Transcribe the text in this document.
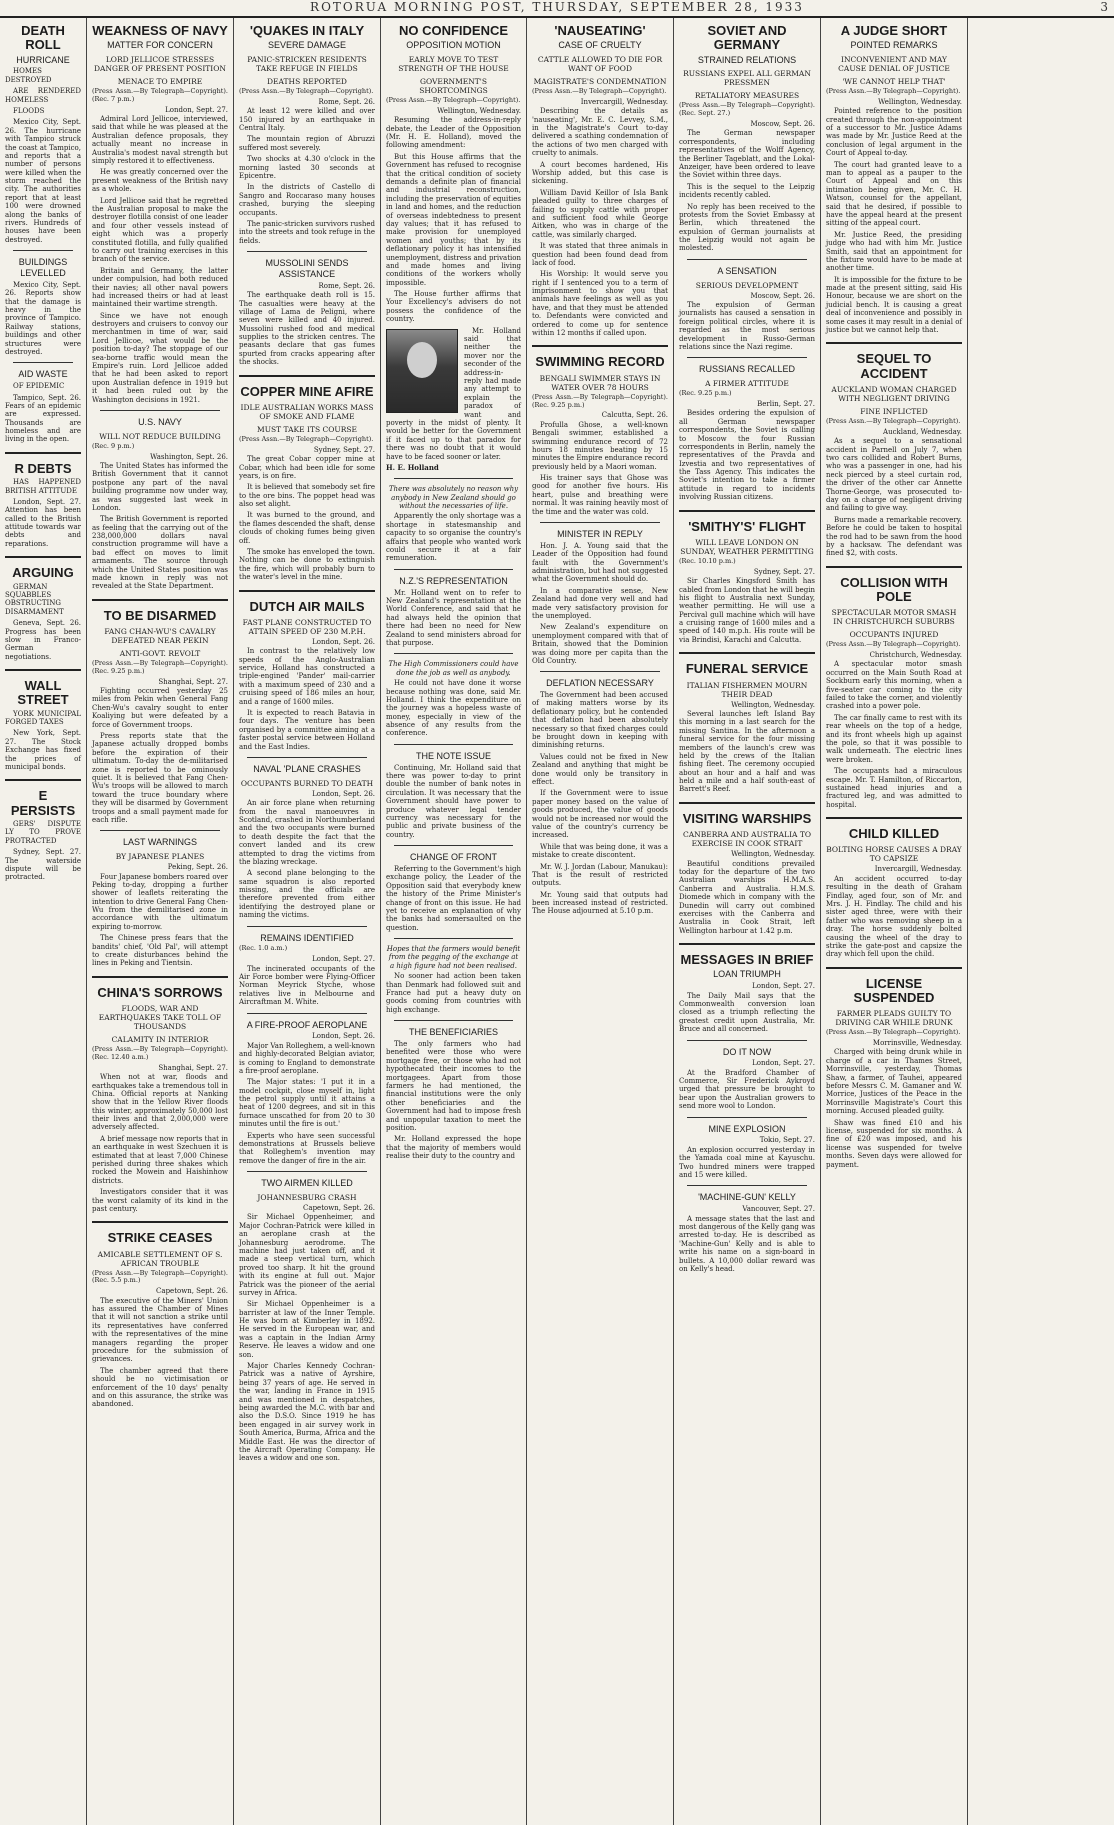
ROTORUA MORNING POST, THURSDAY, SEPTEMBER 28, 1933	3
DEATH ROLL
HURRICANE
HOMES DESTROYED
ARE RENDERED HOMELESS
FLOODS
Mexico City, Sept. 26. The hurricane with Tampico struck the coast at Tampico, and reports that a number of persons were killed when the storm reached the city. The authorities report that at least 100 were drowned along the banks of rivers. Hundreds of houses have been destroyed.
BUILDINGS LEVELLED
Mexico City, Sept. 26. Reports show that the damage is heavy in the province of Tampico. Railway stations, buildings and other structures were destroyed.
AID WASTE
OF EPIDEMIC
Tampico, Sept. 26. Fears of an epidemic are expressed. Thousands are homeless and are living in the open.
R DEBTS
HAS HAPPENED BRITISH ATTITUDE
London, Sept. 27. Attention has been called to the British attitude towards war debts and reparations.
ARGUING
GERMAN SQUABBLES OBSTRUCTING DISARMAMENT
Geneva, Sept. 26. Progress has been slow in Franco-German negotiations.
WALL STREET
YORK MUNICIPAL FORGED TAXES
New York, Sept. 27. The Stock Exchange has fixed the prices of municipal bonds.
E PERSISTS
GERS' DISPUTE LY TO PROVE PROTRACTED
Sydney, Sept. 27. The waterside dispute will be protracted.
WEAKNESS OF NAVY
MATTER FOR CONCERN
LORD JELLICOE STRESSES DANGER OF PRESENT POSITION
MENACE TO EMPIRE
(Press Assn.—By Telegraph—Copyright). (Rec. 7 p.m.)
London, Sept. 27.
Admiral Lord Jellicoe, interviewed, said that while he was pleased at the Australian defence proposals, they actually meant no increase in Australia's modest naval strength but simply restored it to effectiveness.
He was greatly concerned over the present weakness of the British navy as a whole.
Lord Jellicoe said that he regretted the Australian proposal to make the destroyer flotilla consist of one leader and four other vessels instead of eight which was a properly constituted flotilla, and fully qualified to carry out training exercises in this branch of the service.
Britain and Germany, the latter under compulsion, had both reduced their navies; all other naval powers had increased theirs or had at least maintained their wartime strength.
Since we have not enough destroyers and cruisers to convoy our merchantmen in time of war, said Lord Jellicoe, what would be the position to-day? The stoppage of our sea-borne traffic would mean the Empire's ruin. Lord Jellicoe added that he had been asked to report upon Australian defence in 1919 but it had been ruled out by the Washington decisions in 1921.
U.S. NAVY
WILL NOT REDUCE BUILDING
(Rec. 9 p.m.)
Washington, Sept. 26.
The United States has informed the British Government that it cannot postpone any part of the naval building programme now under way, as was suggested last week in London.
The British Government is reported as feeling that the carrying out of the 238,000,000 dollars naval construction programme will have a bad effect on moves to limit armaments. The source through which the United States position was made known in reply was not revealed at the State Department.
TO BE DISARMED
FANG CHAN-WU'S CAVALRY DEFEATED NEAR PEKIN
ANTI-GOVT. REVOLT
(Press Assn.—By Telegraph—Copyright). (Rec. 9.25 p.m.)
Shanghai, Sept. 27.
Fighting occurred yesterday 25 miles from Pekin when General Fang Chen-Wu's cavalry sought to enter Koaliying but were defeated by a force of Government troops.
Press reports state that the Japanese actually dropped bombs before the expiration of their ultimatum. To-day the de-militarised zone is reported to be ominously quiet. It is believed that Fang Chen-Wu's troops will be allowed to march toward the truce boundary where they will be disarmed by Government troops and a small payment made for each rifle.
LAST WARNINGS
BY JAPANESE PLANES
Peking, Sept. 26.
Four Japanese bombers roared over Peking to-day, dropping a further shower of leaflets reiterating the intention to drive General Fang Chen-Wu from the demilitarised zone in accordance with the ultimatum expiring to-morrow.
The Chinese press fears that the bandits' chief, 'Old Pal', will attempt to create disturbances behind the lines in Peking and Tientsin.
CHINA'S SORROWS
FLOODS, WAR AND EARTHQUAKES TAKE TOLL OF THOUSANDS
CALAMITY IN INTERIOR
(Press Assn.—By Telegraph—Copyright). (Rec. 12.40 a.m.)
Shanghai, Sept. 27.
When not at war, floods and earthquakes take a tremendous toll in China. Official reports at Nanking show that in the Yellow River floods this winter, approximately 50,000 lost their lives and that 2,000,000 were adversely affected.
A brief message now reports that in an earthquake in west Szechuen it is estimated that at least 7,000 Chinese perished during three shakes which rocked the Mowein and Haishinhow districts.
Investigators consider that it was the worst calamity of its kind in the past century.
STRIKE CEASES
AMICABLE SETTLEMENT OF S. AFRICAN TROUBLE
(Press Assn.—By Telegraph—Copyright). (Rec. 5.5 p.m.)
Capetown, Sept. 26.
The executive of the Miners' Union has assured the Chamber of Mines that it will not sanction a strike until its representatives have conferred with the representatives of the mine managers regarding the proper procedure for the submission of grievances.
The chamber agreed that there should be no victimisation or enforcement of the 10 days' penalty and on this assurance, the strike was abandoned.
'QUAKES IN ITALY
SEVERE DAMAGE
PANIC-STRICKEN RESIDENTS TAKE REFUGE IN FIELDS
DEATHS REPORTED
(Press Assn.—By Telegraph—Copyright).
Rome, Sept. 26.
At least 12 were killed and over 150 injured by an earthquake in Central Italy.
The mountain region of Abruzzi suffered most severely.
Two shocks at 4.30 o'clock in the morning lasted 30 seconds at Epicentre.
In the districts of Castello di Sangro and Roccaraso many houses crashed, burying the sleeping occupants.
The panic-stricken survivors rushed into the streets and took refuge in the fields.
MUSSOLINI SENDS ASSISTANCE
Rome, Sept. 26.
The earthquake death roll is 15. The casualties were heavy at the village of Lama de Peligni, where seven were killed and 40 injured. Mussolini rushed food and medical supplies to the stricken centres. The peasants declare that gas fumes spurted from cracks appearing after the shocks.
COPPER MINE AFIRE
IDLE AUSTRALIAN WORKS MASS OF SMOKE AND FLAME
MUST TAKE ITS COURSE
(Press Assn.—By Telegraph—Copyright).
Sydney, Sept. 27.
The great Cobar copper mine at Cobar, which had been idle for some years, is on fire.
It is believed that somebody set fire to the ore bins. The poppet head was also set alight.
It was burned to the ground, and the flames descended the shaft, dense clouds of choking fumes being given off.
The smoke has enveloped the town. Nothing can be done to extinguish the fire, which will probably burn to the water's level in the mine.
DUTCH AIR MAILS
FAST PLANE CONSTRUCTED TO ATTAIN SPEED OF 230 M.P.H.
London, Sept. 26.
In contrast to the relatively low speeds of the Anglo-Australian service, Holland has constructed a triple-engined 'Pander' mail-carrier with a maximum speed of 230 and a cruising speed of 186 miles an hour, and a range of 1600 miles.
It is expected to reach Batavia in four days. The venture has been organised by a committee aiming at a faster postal service between Holland and the East Indies.
NAVAL 'PLANE CRASHES
OCCUPANTS BURNED TO DEATH
London, Sept. 26.
An air force plane when returning from the naval manoeuvres in Scotland, crashed in Northumberland and the two occupants were burned to death despite the fact that the convert landed and its crew attempted to drag the victims from the blazing wreckage.
A second plane belonging to the same squadron is also reported missing, and the officials are therefore prevented from either identifying the destroyed plane or naming the victims.
REMAINS IDENTIFIED
(Rec. 1.0 a.m.)
London, Sept. 27.
The incinerated occupants of the Air Force bomber were Flying-Officer Norman Meyrick Styche, whose relatives live in Melbourne and Aircraftman M. White.
A FIRE-PROOF AEROPLANE
London, Sept. 26.
Major Van Rolleghem, a well-known and highly-decorated Belgian aviator, is coming to England to demonstrate a fire-proof aeroplane.
The Major states: 'I put it in a model cockpit, close myself in, light the petrol supply until it attains a heat of 1200 degrees, and sit in this furnace unscathed for from 20 to 30 minutes until the fire is out.'
Experts who have seen successful demonstrations at Brussels believe that Rolleghem's invention may remove the danger of fire in the air.
TWO AIRMEN KILLED
JOHANNESBURG CRASH
Capetown, Sept. 26.
Sir Michael Oppenheimer, and Major Cochran-Patrick were killed in an aeroplane crash at the Johannesburg aerodrome. The machine had just taken off, and it made a steep vertical turn, which proved too sharp. It hit the ground with its engine at full out. Major Patrick was the pioneer of the aerial survey in Africa.
Sir Michael Oppenheimer is a barrister at law of the Inner Temple. He was born at Kimberley in 1892. He served in the European war, and was a captain in the Indian Army Reserve. He leaves a widow and one son.
Major Charles Kennedy Cochran-Patrick was a native of Ayrshire, being 37 years of age. He served in the war, landing in France in 1915 and was mentioned in despatches, being awarded the M.C. with bar and also the D.S.O. Since 1919 he has been engaged in air survey work in South America, Burma, Africa and the Middle East. He was the director of the Aircraft Operating Company. He leaves a widow and one son.
NO CONFIDENCE
OPPOSITION MOTION
EARLY MOVE TO TEST STRENGTH OF THE HOUSE
GOVERNMENT'S SHORTCOMINGS
(Press Assn.—By Telegraph—Copyright).
Wellington, Wednesday.
Resuming the address-in-reply debate, the Leader of the Opposition (Mr. H. E. Holland), moved the following amendment:
But this House affirms that the Government has refused to recognise that the critical condition of society demands a definite plan of financial and industrial reconstruction, including the preservation of equities in land and homes, and the reduction of overseas indebtedness to present day values; that it has refused to make provision for unemployed women and youths; that by its deflationary policy it has intensified unemployment, distress and privation and made homes and living conditions of the workers wholly impossible.
The House further affirms that Your Excellency's advisers do not possess the confidence of the country.
Mr. Holland said that neither the mover nor the seconder of the address-in-reply had made any attempt to explain the paradox of want and poverty in the midst of plenty. It would be better for the Government if it faced up to that paradox for there was no doubt that it would have to be faced sooner or later.
H. E. Holland
There was absolutely no reason why anybody in New Zealand should go without the necessaries of life.
Apparently the only shortage was a shortage in statesmanship and capacity to so organise the country's affairs that people who wanted work could secure it at a fair remuneration.
N.Z.'S REPRESENTATION
Mr. Holland went on to refer to New Zealand's representation at the World Conference, and said that he had always held the opinion that there had been no need for New Zealand to send ministers abroad for that purpose.
The High Commissioners could have done the job as well as anybody.
He could not have done it worse because nothing was done, said Mr. Holland. I think the expenditure on the journey was a hopeless waste of money, especially in view of the absence of any results from the conference.
THE NOTE ISSUE
Continuing, Mr. Holland said that there was power to-day to print double the number of bank notes in circulation. It was necessary that the Government should have power to produce whatever legal tender currency was necessary for the public and private business of the country.
CHANGE OF FRONT
Referring to the Government's high exchange policy, the Leader of the Opposition said that everybody knew the history of the Prime Minister's change of front on this issue. He had yet to receive an explanation of why the banks had somersaulted on the question.
Hopes that the farmers would benefit from the pegging of the exchange at a high figure had not been realised.
No sooner had action been taken than Denmark had followed suit and France had put a heavy duty on goods coming from countries with high exchange.
THE BENEFICIARIES
The only farmers who had benefited were those who were mortgage free, or those who had not hypothecated their incomes to the mortgagees. Apart from those farmers he had mentioned, the financial institutions were the only other beneficiaries and the Government had had to impose fresh and unpopular taxation to meet the position.
Mr. Holland expressed the hope that the majority of members would realise their duty to the country and
'NAUSEATING'
CASE OF CRUELTY
CATTLE ALLOWED TO DIE FOR WANT OF FOOD
MAGISTRATE'S CONDEMNATION
(Press Assn.—By Telegraph—Copyright).
Invercargill, Wednesday.
Describing the details as 'nauseating', Mr. E. C. Levvey, S.M., in the Magistrate's Court to-day delivered a scathing condemnation of the actions of two men charged with cruelty to animals.
A court becomes hardened, His Worship added, but this case is sickening.
William David Keillor of Isla Bank pleaded guilty to three charges of failing to supply cattle with proper and sufficient food while George Aitken, who was in charge of the cattle, was similarly charged.
It was stated that three animals in question had been found dead from lack of food.
His Worship: It would serve you right if I sentenced you to a term of imprisonment to show you that animals have feelings as well as you have, and that they must be attended to. Defendants were convicted and ordered to come up for sentence within 12 months if called upon.
SWIMMING RECORD
BENGALI SWIMMER STAYS IN WATER OVER 78 HOURS
(Press Assn.—By Telegraph—Copyright). (Rec. 9.25 p.m.)
Calcutta, Sept. 26.
Profulla Ghose, a well-known Bengali swimmer, established a swimming endurance record of 72 hours 18 minutes beating by 15 minutes the Empire endurance record previously held by a Maori woman.
His trainer says that Ghose was good for another five hours. His heart, pulse and breathing were normal. It was raining heavily most of the time and the water was cold.
MINISTER IN REPLY
Hon. J. A. Young said that the Leader of the Opposition had found fault with the Government's administration, but had not suggested what the Government should do.
In a comparative sense, New Zealand had done very well and had made very satisfactory provision for the unemployed.
New Zealand's expenditure on unemployment compared with that of Britain, showed that the Dominion was doing more per capita than the Old Country.
DEFLATION NECESSARY
The Government had been accused of making matters worse by its deflationary policy, but he contended that deflation had been absolutely necessary so that fixed charges could be brought down in keeping with diminishing returns.
Values could not be fixed in New Zealand and anything that might be done would only be transitory in effect.
If the Government were to issue paper money based on the value of goods produced, the value of goods would not be increased nor would the value of the country's currency be increased.
While that was being done, it was a mistake to create discontent.
Mr. W. J. Jordan (Labour, Manukau): That is the result of restricted outputs.
Mr. Young said that outputs had been increased instead of restricted. The House adjourned at 5.10 p.m.
SOVIET AND GERMANY
STRAINED RELATIONS
RUSSIANS EXPEL ALL GERMAN PRESSMEN
RETALIATORY MEASURES
(Press Assn.—By Telegraph—Copyright). (Rec. Sept. 27.)
Moscow, Sept. 26.
The German newspaper correspondents, including representatives of the Wolff Agency, the Berliner Tageblatt, and the Lokal-Anzeiger, have been ordered to leave the Soviet within three days.
This is the sequel to the Leipzig incidents recently cabled.
No reply has been received to the protests from the Soviet Embassy at Berlin, which threatened the expulsion of German journalists at the Leipzig would not again be molested.
A SENSATION
SERIOUS DEVELOPMENT
Moscow, Sept. 26.
The expulsion of German journalists has caused a sensation in foreign political circles, where it is regarded as the most serious development in Russo-German relations since the Nazi regime.
RUSSIANS RECALLED
A FIRMER ATTITUDE
(Rec. 9.25 p.m.)
Berlin, Sept. 27.
Besides ordering the expulsion of all German newspaper correspondents, the Soviet is calling to Moscow the four Russian correspondents in Berlin, namely the representatives of the Pravda and Izvestia and two representatives of the Tass Agency. This indicates the Soviet's intention to take a firmer attitude in regard to incidents involving Russian citizens.
'SMITHY'S' FLIGHT
WILL LEAVE LONDON ON SUNDAY, WEATHER PERMITTING
(Rec. 10.10 p.m.)
Sydney, Sept. 27.
Sir Charles Kingsford Smith has cabled from London that he will begin his flight to Australia next Sunday, weather permitting. He will use a Percival gull machine which will have a cruising range of 1600 miles and a speed of 140 m.p.h. His route will be via Brindisi, Karachi and Calcutta.
FUNERAL SERVICE
ITALIAN FISHERMEN MOURN THEIR DEAD
Wellington, Wednesday.
Several launches left Island Bay this morning in a last search for the missing Santina. In the afternoon a funeral service for the four missing members of the launch's crew was held by the crews of the Italian fishing fleet. The ceremony occupied about an hour and a half and was held a mile and a half south-east of Barrett's Reef.
VISITING WARSHIPS
CANBERRA AND AUSTRALIA TO EXERCISE IN COOK STRAIT
Wellington, Wednesday.
Beautiful conditions prevailed today for the departure of the two Australian warships H.M.A.S. Canberra and Australia. H.M.S. Diomede which in company with the Dunedin will carry out combined exercises with the Canberra and Australia in Cook Strait, left Wellington harbour at 1.42 p.m.
MESSAGES IN BRIEF
LOAN TRIUMPH
London, Sept. 27.
The Daily Mail says that the Commonwealth conversion loan closed as a triumph reflecting the greatest credit upon Australia, Mr. Bruce and all concerned.
DO IT NOW
London, Sept. 27.
At the Bradford Chamber of Commerce, Sir Frederick Aykroyd urged that pressure be brought to bear upon the Australian growers to send more wool to London.
MINE EXPLOSION
Tokio, Sept. 27.
An explosion occurred yesterday in the Yamada coal mine at Kayuschu. Two hundred miners were trapped and 15 were killed.
'MACHINE-GUN' KELLY
Vancouver, Sept. 27.
A message states that the last and most dangerous of the Kelly gang was arrested to-day. He is described as 'Machine-Gun' Kelly and is able to write his name on a sign-board in bullets. A 10,000 dollar reward was on Kelly's head.
A JUDGE SHORT
POINTED REMARKS
INCONVENIENT AND MAY CAUSE DENIAL OF JUSTICE
'WE CANNOT HELP THAT'
(Press Assn.—By Telegraph—Copyright).
Wellington, Wednesday.
Pointed reference to the position created through the non-appointment of a successor to Mr. Justice Adams was made by Mr. Justice Reed at the conclusion of legal argument in the Court of Appeal to-day.
The court had granted leave to a man to appeal as a pauper to the Court of Appeal and on this intimation being given, Mr. C. H. Watson, counsel for the appellant, said that he desired, if possible to have the appeal heard at the present sitting of the appeal court.
Mr. Justice Reed, the presiding judge who had with him Mr. Justice Smith, said that an appointment for the fixture would have to be made at another time.
It is impossible for the fixture to be made at the present sitting, said His Honour, because we are short on the judicial bench. It is causing a great deal of inconvenience and possibly in some cases it may result in a denial of justice but we cannot help that.
SEQUEL TO ACCIDENT
AUCKLAND WOMAN CHARGED WITH NEGLIGENT DRIVING
FINE INFLICTED
(Press Assn.—By Telegraph—Copyright).
Auckland, Wednesday.
As a sequel to a sensational accident in Parnell on July 7, when two cars collided and Robert Burns, who was a passenger in one, had his neck pierced by a steel curtain rod, the driver of the other car Annette Thorne-George, was prosecuted to-day on a charge of negligent driving and failing to give way.
Burns made a remarkable recovery. Before he could be taken to hospital the rod had to be sawn from the hood by a hacksaw. The defendant was fined $2, with costs.
COLLISION WITH POLE
SPECTACULAR MOTOR SMASH IN CHRISTCHURCH SUBURBS
OCCUPANTS INJURED
(Press Assn.—By Telegraph—Copyright).
Christchurch, Wednesday.
A spectacular motor smash occurred on the Main South Road at Sockburn early this morning, when a five-seater car coming to the city failed to take the corner, and violently crashed into a power pole.
The car finally came to rest with its rear wheels on the top of a hedge, and its front wheels high up against the pole, so that it was possible to walk underneath. The electric lines were broken.
The occupants had a miraculous escape. Mr. T. Hamilton, of Riccarton, sustained head injuries and a fractured leg, and was admitted to hospital.
CHILD KILLED
BOLTING HORSE CAUSES A DRAY TO CAPSIZE
Invercargill, Wednesday.
An accident occurred to-day resulting in the death of Graham Findlay, aged four, son of Mr. and Mrs. J. H. Findlay. The child and his sister aged three, were with their father who was removing sheep in a dray. The horse suddenly bolted causing the wheel of the dray to strike the gate-post and capsize the dray which fell upon the child.
LICENSE SUSPENDED
FARMER PLEADS GUILTY TO DRIVING CAR WHILE DRUNK
(Press Assn.—By Telegraph—Copyright).
Morrinsville, Wednesday.
Charged with being drunk while in charge of a car in Thames Street, Morrinsville, yesterday, Thomas Shaw, a farmer, of Tauhei, appeared before Messrs C. M. Gamaner and W. Morrice, Justices of the Peace in the Morrinsville Magistrate's Court this morning. Accused pleaded guilty.
Shaw was fined £10 and his license, suspended for six months. A fine of £20 was imposed, and his license was suspended for twelve months. Seven days were allowed for payment.
